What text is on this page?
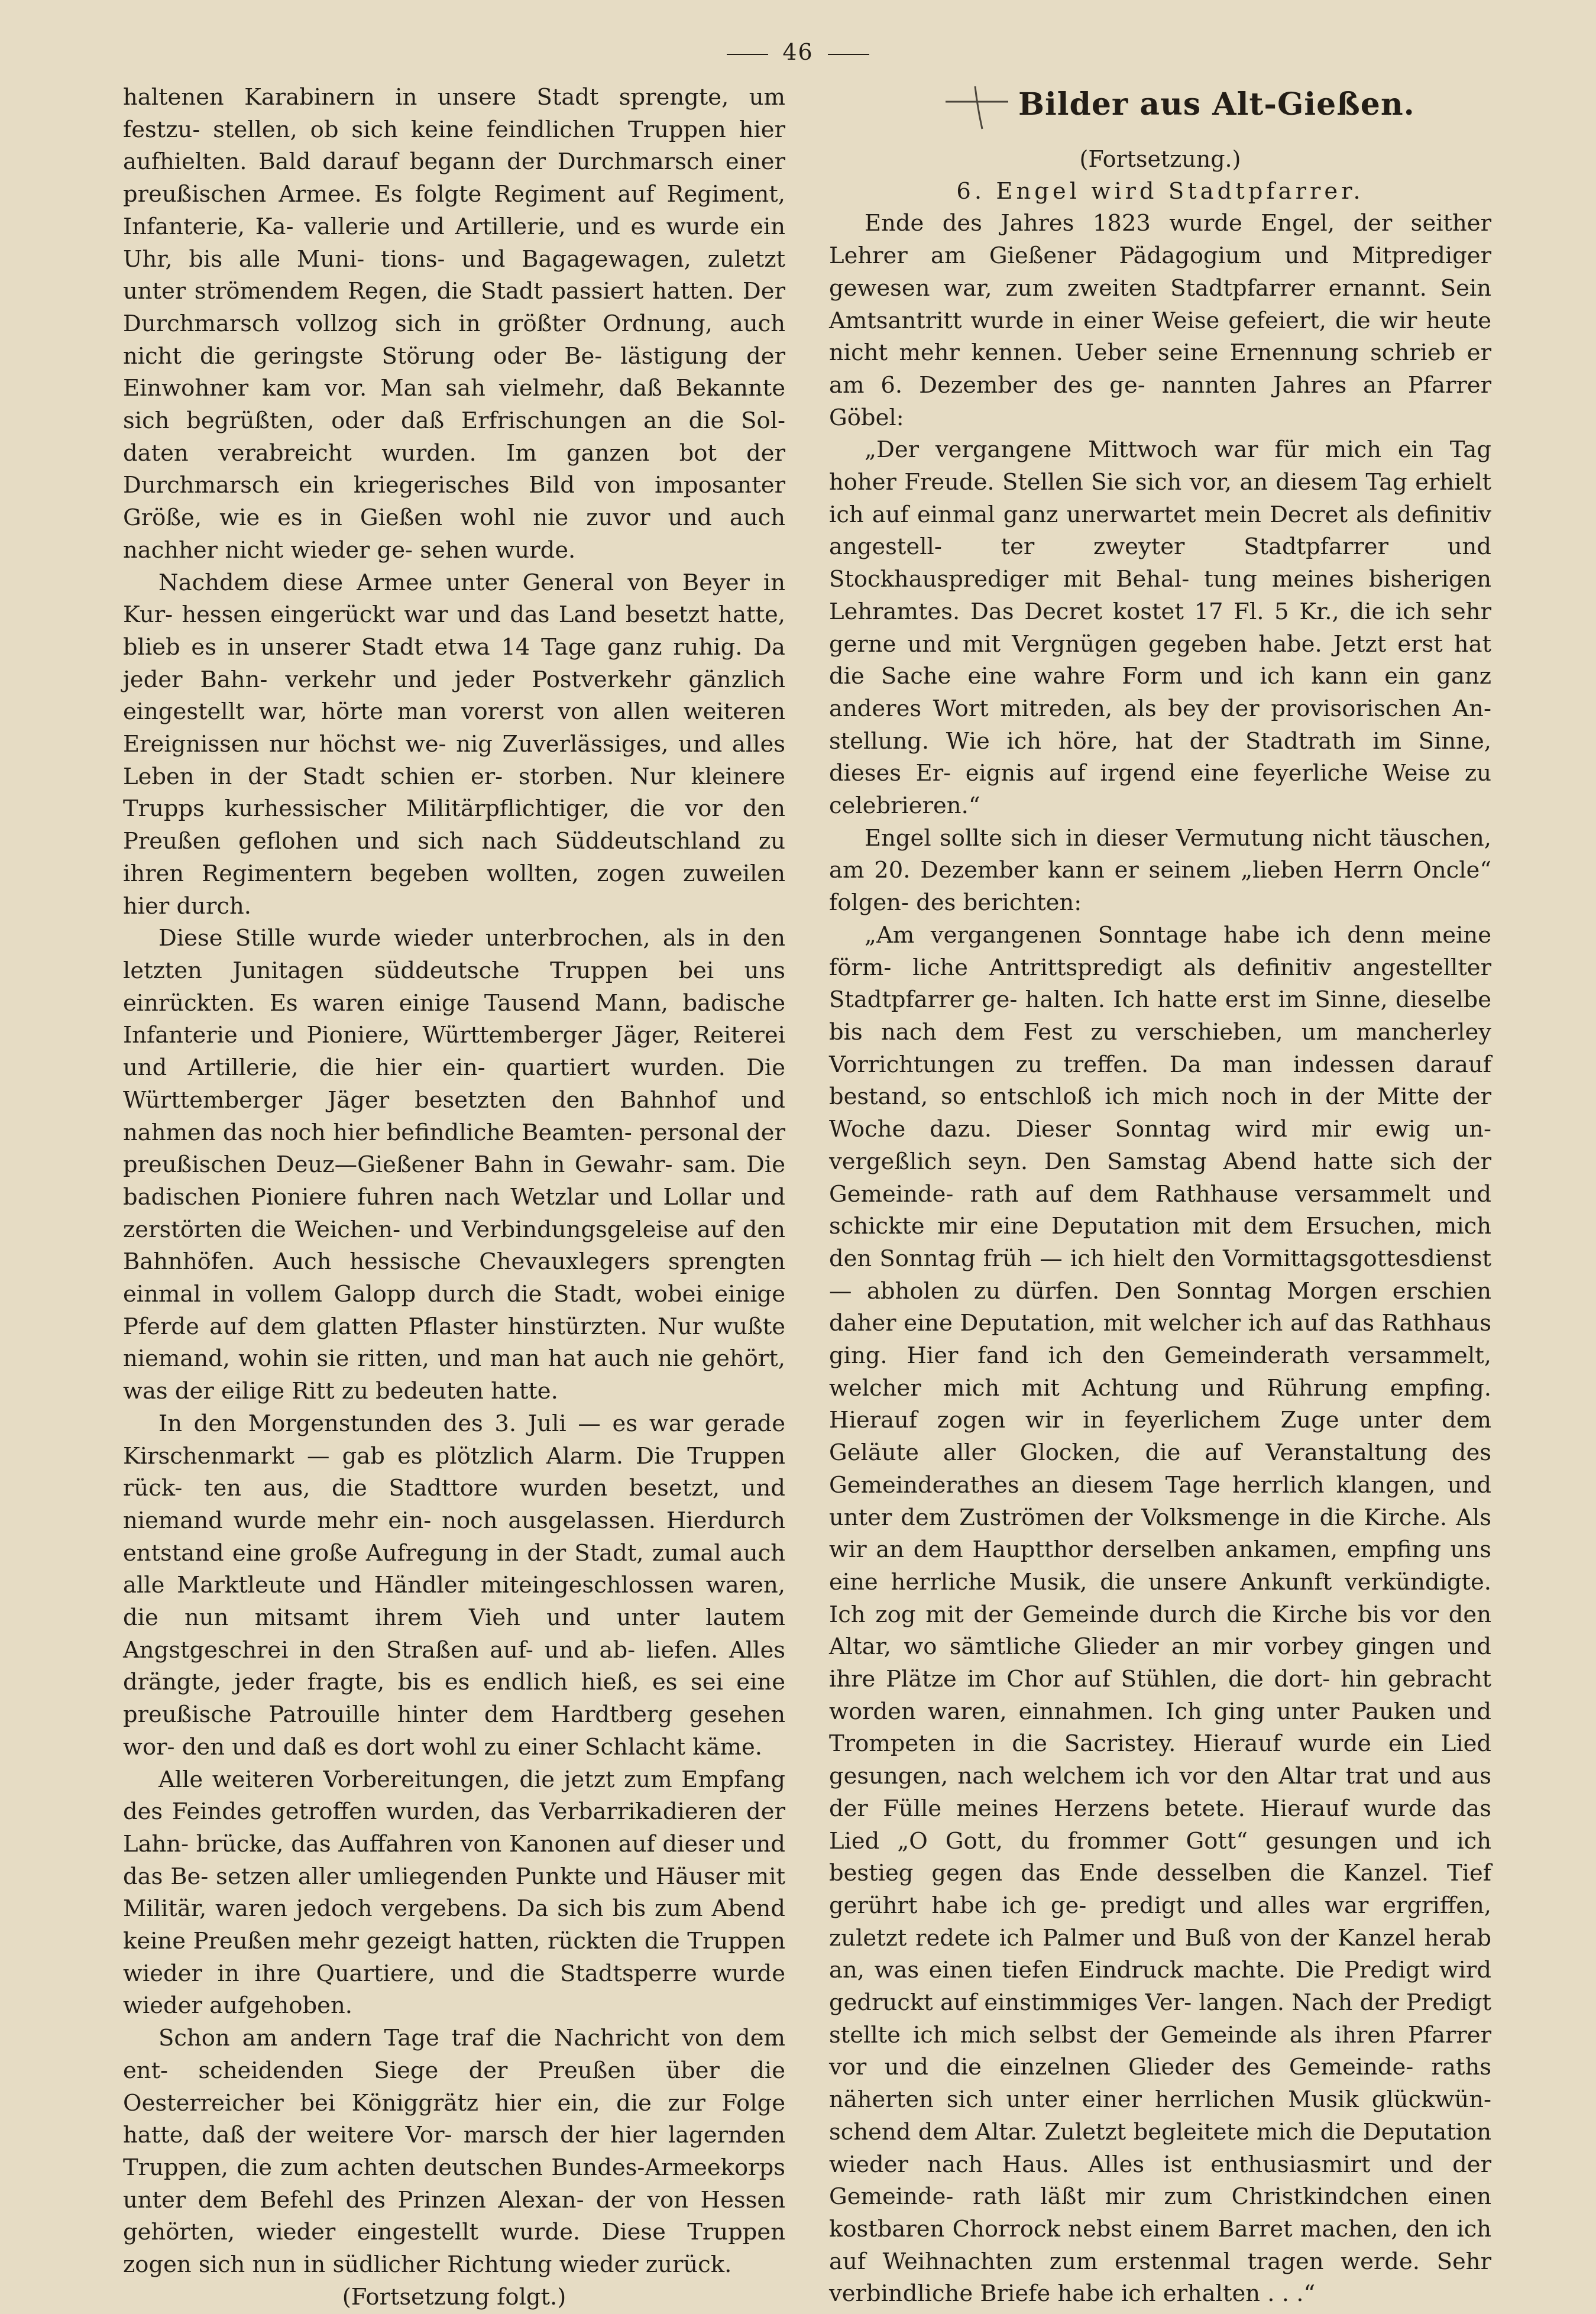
46

haltenen Karabinern in unsere Stadt sprengte, um festzu- stellen, ob sich keine feindlichen Truppen hier aufhielten. Bald darauf begann der Durchmarsch einer preußischen Armee. Es folgte Regiment auf Regiment, Infanterie, Ka- vallerie und Artillerie, und es wurde ein Uhr, bis alle Muni- tions- und Bagagewagen, zuletzt unter strömendem Regen, die Stadt passiert hatten. Der Durchmarsch vollzog sich in größter Ordnung, auch nicht die geringste Störung oder Be- lästigung der Einwohner kam vor. Man sah vielmehr, daß Bekannte sich begrüßten, oder daß Erfrischungen an die Sol- daten verabreicht wurden. Im ganzen bot der Durchmarsch ein kriegerisches Bild von imposanter Größe, wie es in Gießen wohl nie zuvor und auch nachher nicht wieder ge- sehen wurde.

Nachdem diese Armee unter General von Beyer in Kur- hessen eingerückt war und das Land besetzt hatte, blieb es in unserer Stadt etwa 14 Tage ganz ruhig. Da jeder Bahn- verkehr und jeder Postverkehr gänzlich eingestellt war, hörte man vorerst von allen weiteren Ereignissen nur höchst we- nig Zuverlässiges, und alles Leben in der Stadt schien er- storben. Nur kleinere Trupps kurhessischer Militärpflichtiger, die vor den Preußen geflohen und sich nach Süddeutschland zu ihren Regimentern begeben wollten, zogen zuweilen hier durch.

Diese Stille wurde wieder unterbrochen, als in den letzten Junitagen süddeutsche Truppen bei uns einrückten. Es waren einige Tausend Mann, badische Infanterie und Pioniere, Württemberger Jäger, Reiterei und Artillerie, die hier ein- quartiert wurden. Die Württemberger Jäger besetzten den Bahnhof und nahmen das noch hier befindliche Beamten- personal der preußischen Deuz—Gießener Bahn in Gewahr- sam. Die badischen Pioniere fuhren nach Wetzlar und Lollar und zerstörten die Weichen- und Verbindungsgeleise auf den Bahnhöfen. Auch hessische Chevauxlegers sprengten einmal in vollem Galopp durch die Stadt, wobei einige Pferde auf dem glatten Pflaster hinstürzten. Nur wußte niemand, wohin sie ritten, und man hat auch nie gehört, was der eilige Ritt zu bedeuten hatte.

In den Morgenstunden des 3. Juli — es war gerade Kirschenmarkt — gab es plötzlich Alarm. Die Truppen rück- ten aus, die Stadttore wurden besetzt, und niemand wurde mehr ein- noch ausgelassen. Hierdurch entstand eine große Aufregung in der Stadt, zumal auch alle Marktleute und Händler miteingeschlossen waren, die nun mitsamt ihrem Vieh und unter lautem Angstgeschrei in den Straßen auf- und ab- liefen. Alles drängte, jeder fragte, bis es endlich hieß, es sei eine preußische Patrouille hinter dem Hardtberg gesehen wor- den und daß es dort wohl zu einer Schlacht käme.

Alle weiteren Vorbereitungen, die jetzt zum Empfang des Feindes getroffen wurden, das Verbarrikadieren der Lahn- brücke, das Auffahren von Kanonen auf dieser und das Be- setzen aller umliegenden Punkte und Häuser mit Militär, waren jedoch vergebens. Da sich bis zum Abend keine Preußen mehr gezeigt hatten, rückten die Truppen wieder in ihre Quartiere, und die Stadtsperre wurde wieder aufgehoben.

Schon am andern Tage traf die Nachricht von dem ent- scheidenden Siege der Preußen über die Oesterreicher bei Königgrätz hier ein, die zur Folge hatte, daß der weitere Vor- marsch der hier lagernden Truppen, die zum achten deutschen Bundes-Armeekorps unter dem Befehl des Prinzen Alexan- der von Hessen gehörten, wieder eingestellt wurde. Diese Truppen zogen sich nun in südlicher Richtung wieder zurück.

(Fortsetzung folgt.)

Bilder aus Alt-Gießen.

(Fortsetzung.)

6. Engel wird Stadtpfarrer.

Ende des Jahres 1823 wurde Engel, der seither Lehrer am Gießener Pädagogium und Mitprediger gewesen war, zum zweiten Stadtpfarrer ernannt. Sein Amtsantritt wurde in einer Weise gefeiert, die wir heute nicht mehr kennen. Ueber seine Ernennung schrieb er am 6. Dezember des ge- nannten Jahres an Pfarrer Göbel:

„Der vergangene Mittwoch war für mich ein Tag hoher Freude. Stellen Sie sich vor, an diesem Tag erhielt ich auf einmal ganz unerwartet mein Decret als definitiv angestell- ter zweyter Stadtpfarrer und Stockhausprediger mit Behal- tung meines bisherigen Lehramtes. Das Decret kostet 17 Fl. 5 Kr., die ich sehr gerne und mit Vergnügen gegeben habe. Jetzt erst hat die Sache eine wahre Form und ich kann ein ganz anderes Wort mitreden, als bey der provisorischen An- stellung. Wie ich höre, hat der Stadtrath im Sinne, dieses Er- eignis auf irgend eine feyerliche Weise zu celebrieren.“

Engel sollte sich in dieser Vermutung nicht täuschen, am 20. Dezember kann er seinem „lieben Herrn Oncle“ folgen- des berichten:

„Am vergangenen Sonntage habe ich denn meine förm- liche Antrittspredigt als definitiv angestellter Stadtpfarrer ge- halten. Ich hatte erst im Sinne, dieselbe bis nach dem Fest zu verschieben, um mancherley Vorrichtungen zu treffen. Da man indessen darauf bestand, so entschloß ich mich noch in der Mitte der Woche dazu. Dieser Sonntag wird mir ewig un- vergeßlich seyn. Den Samstag Abend hatte sich der Gemeinde- rath auf dem Rathhause versammelt und schickte mir eine Deputation mit dem Ersuchen, mich den Sonntag früh — ich hielt den Vormittagsgottesdienst — abholen zu dürfen. Den Sonntag Morgen erschien daher eine Deputation, mit welcher ich auf das Rathhaus ging. Hier fand ich den Gemeinderath versammelt, welcher mich mit Achtung und Rührung empfing. Hierauf zogen wir in feyerlichem Zuge unter dem Geläute aller Glocken, die auf Veranstaltung des Gemeinderathes an diesem Tage herrlich klangen, und unter dem Zuströmen der Volksmenge in die Kirche. Als wir an dem Hauptthor derselben ankamen, empfing uns eine herrliche Musik, die unsere Ankunft verkündigte. Ich zog mit der Gemeinde durch die Kirche bis vor den Altar, wo sämtliche Glieder an mir vorbey gingen und ihre Plätze im Chor auf Stühlen, die dort- hin gebracht worden waren, einnahmen. Ich ging unter Pauken und Trompeten in die Sacristey. Hierauf wurde ein Lied gesungen, nach welchem ich vor den Altar trat und aus der Fülle meines Herzens betete. Hierauf wurde das Lied „O Gott, du frommer Gott“ gesungen und ich bestieg gegen das Ende desselben die Kanzel. Tief gerührt habe ich ge- predigt und alles war ergriffen, zuletzt redete ich Palmer und Buß von der Kanzel herab an, was einen tiefen Eindruck machte. Die Predigt wird gedruckt auf einstimmiges Ver- langen. Nach der Predigt stellte ich mich selbst der Gemeinde als ihren Pfarrer vor und die einzelnen Glieder des Gemeinde- raths näherten sich unter einer herrlichen Musik glückwün- schend dem Altar. Zuletzt begleitete mich die Deputation wieder nach Haus. Alles ist enthusiasmirt und der Gemeinde- rath läßt mir zum Christkindchen einen kostbaren Chorrock nebst einem Barret machen, den ich auf Weihnachten zum erstenmal tragen werde. Sehr verbindliche Briefe habe ich erhalten . . .“
